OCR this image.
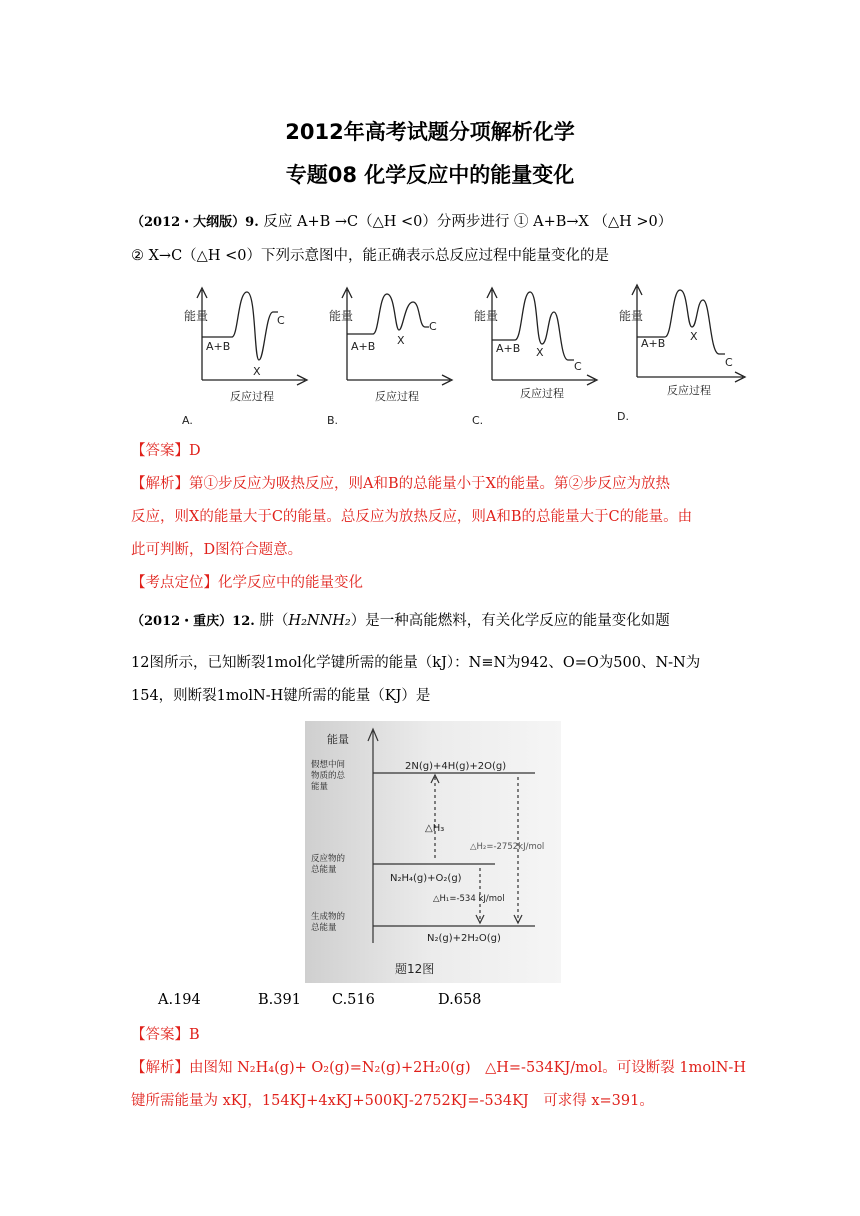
2012年高考试题分项解析化学
专题08 化学反应中的能量变化
（2012・大纲版）9. 反应 A+B →C（△H <0）分两步进行 ① A+B→X （△H >0）
② X→C（△H <0）下列示意图中，能正确表示总反应过程中能量变化的是
能量
A+B
X
C
反应过程
A.
能量
A+B X
C
反应过程
B.
能量
A+B X
C
反应过程
C.
能量
A+B
X
C
反应过程
D.
【答案】D
【解析】第①步反应为吸热反应，则A和B的总能量小于X的能量。第②步反应为放热
反应，则X的能量大于C的能量。总反应为放热反应，则A和B的总能量大于C的能量。由
此可判断，D图符合题意。
【考点定位】化学反应中的能量变化
（2012・重庆）12. 肼（H₂NNH₂）是一种高能燃料，有关化学反应的能量变化如题
12图所示，已知断裂1mol化学键所需的能量（kJ）：N≡N为942、O=O为500、N-N为
154，则断裂1molN-H键所需的能量（KJ）是
能量
假想中间
物质的总
能量
2N(g)+4H(g)+2O(g)
△H₃
△H₂=-2752kJ/mol
反应物的
总能量
N₂H₄(g)+O₂(g)
△H₁=-534 kJ/mol
生成物的
总能量
N₂(g)+2H₂O(g)
题12图
A.194	B.391 C.516	D.658
【答案】B
【解析】由图知 N₂H₄(g)+ O₂(g)=N₂(g)+2H₂0(g)　△H=-534KJ/mol。可设断裂 1molN-H
键所需能量为 xKJ，154KJ+4xKJ+500KJ-2752KJ=-534KJ　可求得 x=391。
